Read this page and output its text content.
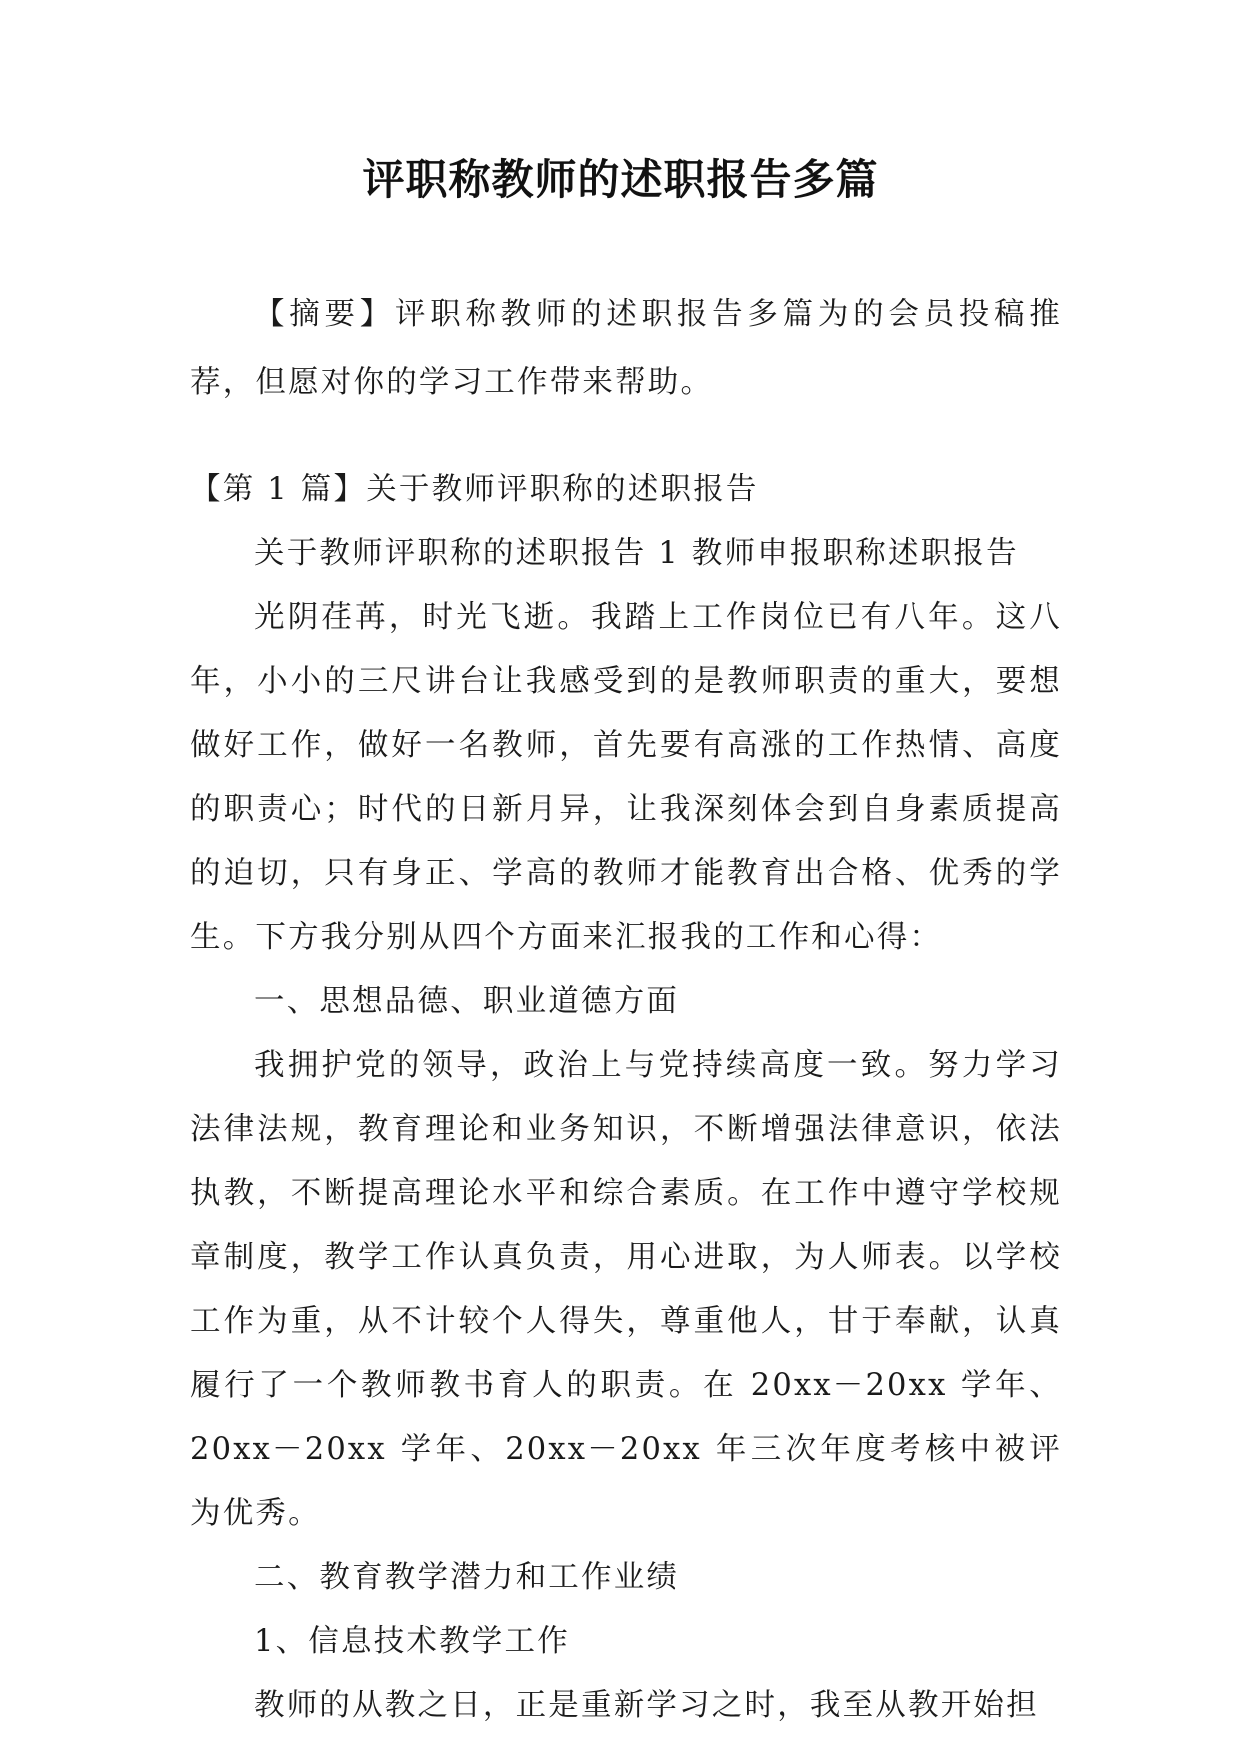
评职称教师的述职报告多篇
【摘要】评职称教师的述职报告多篇为的会员投稿推荐，但愿对你的学习工作带来帮助。

【第 1 篇】关于教师评职称的述职报告

关于教师评职称的述职报告 1 教师申报职称述职报告

光阴荏苒，时光飞逝。我踏上工作岗位已有八年。这八年，小小的三尺讲台让我感受到的是教师职责的重大，要想做好工作，做好一名教师，首先要有高涨的工作热情、高度的职责心；时代的日新月异，让我深刻体会到自身素质提高的迫切，只有身正、学高的教师才能教育出合格、优秀的学生。下方我分别从四个方面来汇报我的工作和心得：

一、思想品德、职业道德方面

我拥护党的领导，政治上与党持续高度一致。努力学习法律法规，教育理论和业务知识，不断增强法律意识，依法执教，不断提高理论水平和综合素质。在工作中遵守学校规章制度，教学工作认真负责，用心进取，为人师表。以学校工作为重，从不计较个人得失，尊重他人，甘于奉献，认真履行了一个教师教书育人的职责。在 20xx－20xx 学年、20xx－20xx 学年、20xx－20xx 年三次年度考核中被评为优秀。

二、教育教学潜力和工作业绩

1、信息技术教学工作

教师的从教之日，正是重新学习之时，我至从教开始担
